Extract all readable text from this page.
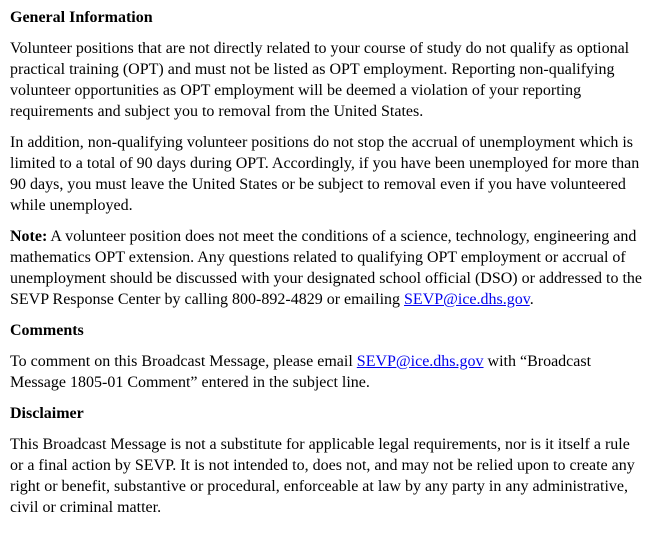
General Information

Volunteer positions that are not directly related to your course of study do not qualify as optional practical training (OPT) and must not be listed as OPT employment. Reporting non-qualifying volunteer opportunities as OPT employment will be deemed a violation of your reporting requirements and subject you to removal from the United States.

In addition, non-qualifying volunteer positions do not stop the accrual of unemployment which is limited to a total of 90 days during OPT. Accordingly, if you have been unemployed for more than 90 days, you must leave the United States or be subject to removal even if you have volunteered while unemployed.

Note: A volunteer position does not meet the conditions of a science, technology, engineering and mathematics OPT extension. Any questions related to qualifying OPT employment or accrual of unemployment should be discussed with your designated school official (DSO) or addressed to the SEVP Response Center by calling 800-892-4829 or emailing SEVP@ice.dhs.gov.

Comments

To comment on this Broadcast Message, please email SEVP@ice.dhs.gov with “Broadcast Message 1805-01 Comment” entered in the subject line.

Disclaimer

This Broadcast Message is not a substitute for applicable legal requirements, nor is it itself a rule or a final action by SEVP. It is not intended to, does not, and may not be relied upon to create any right or benefit, substantive or procedural, enforceable at law by any party in any administrative, civil or criminal matter.
